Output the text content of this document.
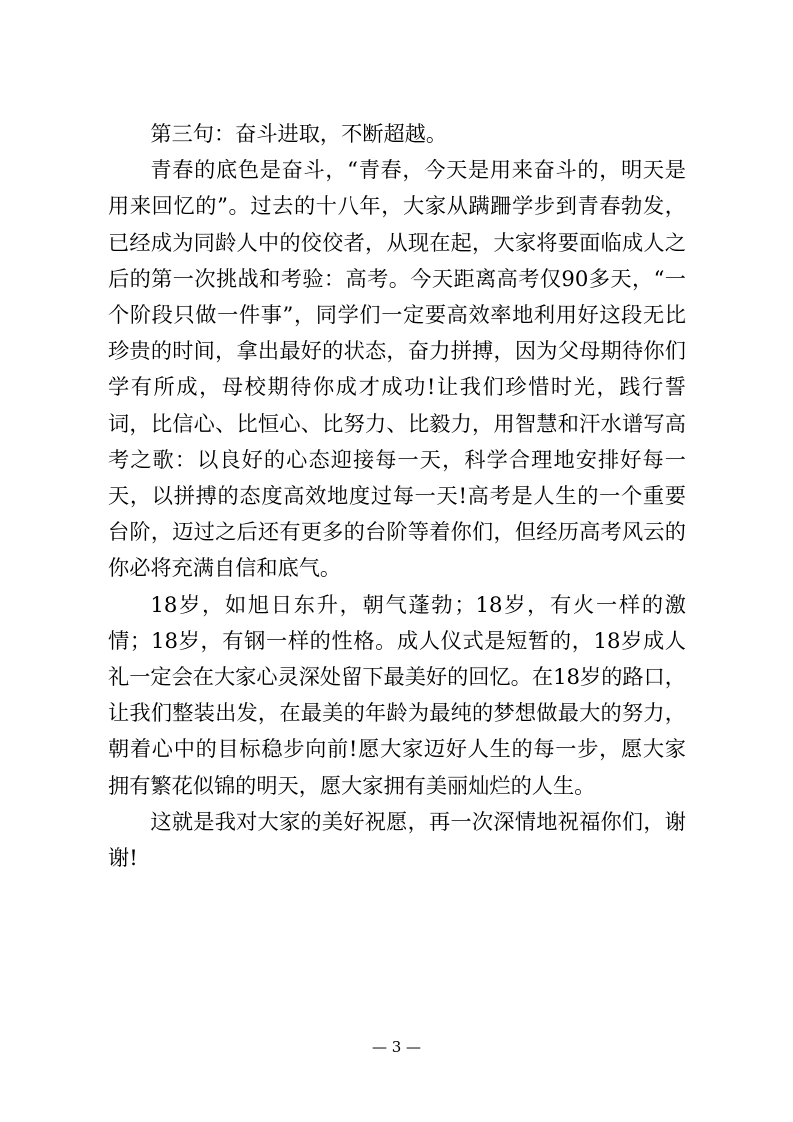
第三句：奋斗进取，不断超越。

青春的底色是奋斗，“青春，今天是用来奋斗的，明天是用来回忆的”。过去的十八年，大家从蹒跚学步到青春勃发，已经成为同龄人中的佼佼者，从现在起，大家将要面临成人之后的第一次挑战和考验：高考。今天距离高考仅90多天，“一个阶段只做一件事”，同学们一定要高效率地利用好这段无比珍贵的时间，拿出最好的状态，奋力拼搏，因为父母期待你们学有所成，母校期待你成才成功!让我们珍惜时光，践行誓词，比信心、比恒心、比努力、比毅力，用智慧和汗水谱写高考之歌：以良好的心态迎接每一天，科学合理地安排好每一天，以拼搏的态度高效地度过每一天!高考是人生的一个重要台阶，迈过之后还有更多的台阶等着你们，但经历高考风云的你必将充满自信和底气。

18岁，如旭日东升，朝气蓬勃；18岁，有火一样的激情；18岁，有钢一样的性格。成人仪式是短暂的，18岁成人礼一定会在大家心灵深处留下最美好的回忆。在18岁的路口，让我们整装出发，在最美的年龄为最纯的梦想做最大的努力，朝着心中的目标稳步向前!愿大家迈好人生的每一步，愿大家拥有繁花似锦的明天，愿大家拥有美丽灿烂的人生。

这就是我对大家的美好祝愿，再一次深情地祝福你们，谢谢!

— 3 —
